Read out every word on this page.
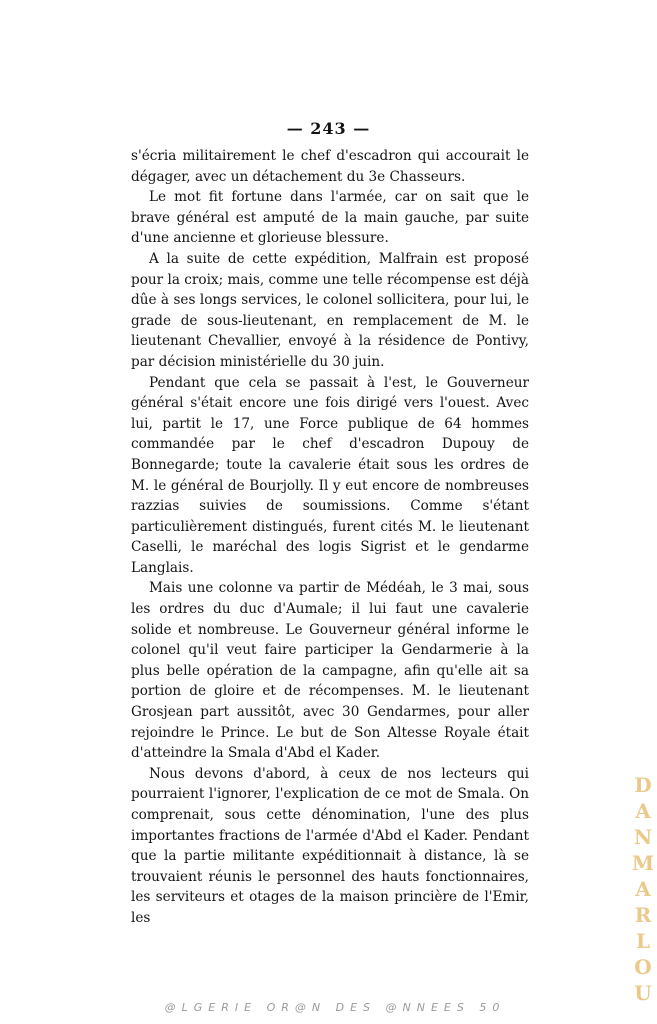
— 243 —

s'écria militairement le chef d'escadron qui accourait le dégager, avec un détachement du 3e Chasseurs.

Le mot fit fortune dans l'armée, car on sait que le brave général est amputé de la main gauche, par suite d'une ancienne et glorieuse blessure.

A la suite de cette expédition, Malfrain est proposé pour la croix; mais, comme une telle récompense est déjà dûe à ses longs services, le colonel sollicitera, pour lui, le grade de sous-lieutenant, en remplacement de M. le lieutenant Chevallier, envoyé à la résidence de Pontivy, par décision ministérielle du 30 juin.

Pendant que cela se passait à l'est, le Gouverneur général s'était encore une fois dirigé vers l'ouest. Avec lui, partit le 17, une Force publique de 64 hommes commandée par le chef d'escadron Dupouy de Bonnegarde; toute la cavalerie était sous les ordres de M. le général de Bourjolly. Il y eut encore de nombreuses razzias suivies de soumissions. Comme s'étant particulièrement distingués, furent cités M. le lieutenant Caselli, le maréchal des logis Sigrist et le gendarme Langlais.

Mais une colonne va partir de Médéah, le 3 mai, sous les ordres du duc d'Aumale; il lui faut une cavalerie solide et nombreuse. Le Gouverneur général informe le colonel qu'il veut faire participer la Gendarmerie à la plus belle opération de la campagne, afin qu'elle ait sa portion de gloire et de récompenses. M. le lieutenant Grosjean part aussitôt, avec 30 Gendarmes, pour aller rejoindre le Prince. Le but de Son Altesse Royale était d'atteindre la Smala d'Abd el Kader.

Nous devons d'abord, à ceux de nos lecteurs qui pourraient l'ignorer, l'explication de ce mot de Smala. On comprenait, sous cette dénomination, l'une des plus importantes fractions de l'armée d'Abd el Kader. Pendant que la partie militante expéditionnait à distance, là se trouvaient réunis le personnel des hauts fonctionnaires, les serviteurs et otages de la maison princière de l'Emir, les

DANMARLOU
@LGERIE OR@N DES @NNEES 50
